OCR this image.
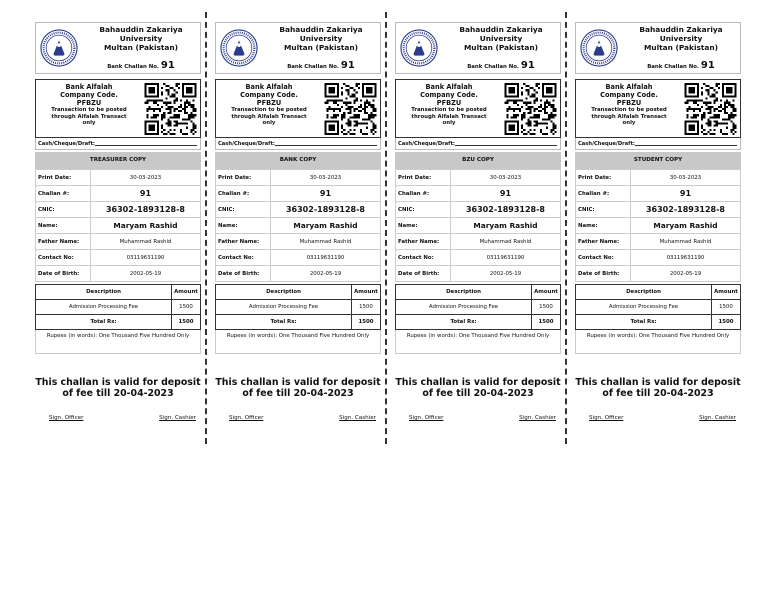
Bahauddin Zakariya
University
Multan (Pakistan)
Bank Challan No. 91
Bank Alfalah
Company Code.
PFBZU
Transaction to be posted
through Alfalah Transact
only
Cash/Cheque/Draft:
TREASURER COPY
Print Date:	30-03-2023
Challan #:	91
CNIC:	36302-1893128-8
Name:	Maryam Rashid
Father Name:	Muhammad Rashid
Contact No:	03119631190
Date of Birth:	2002-05-19
Description	Amount
Admission Processing Fee	1500
Total Rs:	1500
Rupees (in words): One Thousand Five Hundred Only
This challan is valid for deposit
of fee till 20-04-2023
Sign. Officer	Sign. Cashier
Bahauddin Zakariya
University
Multan (Pakistan)
Bank Challan No. 91
Bank Alfalah
Company Code.
PFBZU
Transaction to be posted
through Alfalah Transact
only
Cash/Cheque/Draft:
BANK COPY
Print Date:	30-03-2023
Challan #:	91
CNIC:	36302-1893128-8
Name:	Maryam Rashid
Father Name:	Muhammad Rashid
Contact No:	03119631190
Date of Birth:	2002-05-19
Description	Amount
Admission Processing Fee	1500
Total Rs:	1500
Rupees (in words): One Thousand Five Hundred Only
This challan is valid for deposit
of fee till 20-04-2023
Sign. Officer	Sign. Cashier
Bahauddin Zakariya
University
Multan (Pakistan)
Bank Challan No. 91
Bank Alfalah
Company Code.
PFBZU
Transaction to be posted
through Alfalah Transact
only
Cash/Cheque/Draft:
BZU COPY
Print Date:	30-03-2023
Challan #:	91
CNIC:	36302-1893128-8
Name:	Maryam Rashid
Father Name:	Muhammad Rashid
Contact No:	03119631190
Date of Birth:	2002-05-19
Description	Amount
Admission Processing Fee	1500
Total Rs:	1500
Rupees (in words): One Thousand Five Hundred Only
This challan is valid for deposit
of fee till 20-04-2023
Sign. Officer	Sign. Cashier
Bahauddin Zakariya
University
Multan (Pakistan)
Bank Challan No. 91
Bank Alfalah
Company Code.
PFBZU
Transaction to be posted
through Alfalah Transact
only
Cash/Cheque/Draft:
STUDENT COPY
Print Date:	30-03-2023
Challan #:	91
CNIC:	36302-1893128-8
Name:	Maryam Rashid
Father Name:	Muhammad Rashid
Contact No:	03119631190
Date of Birth:	2002-05-19
Description	Amount
Admission Processing Fee	1500
Total Rs:	1500
Rupees (in words): One Thousand Five Hundred Only
This challan is valid for deposit
of fee till 20-04-2023
Sign. Officer	Sign. Cashier
